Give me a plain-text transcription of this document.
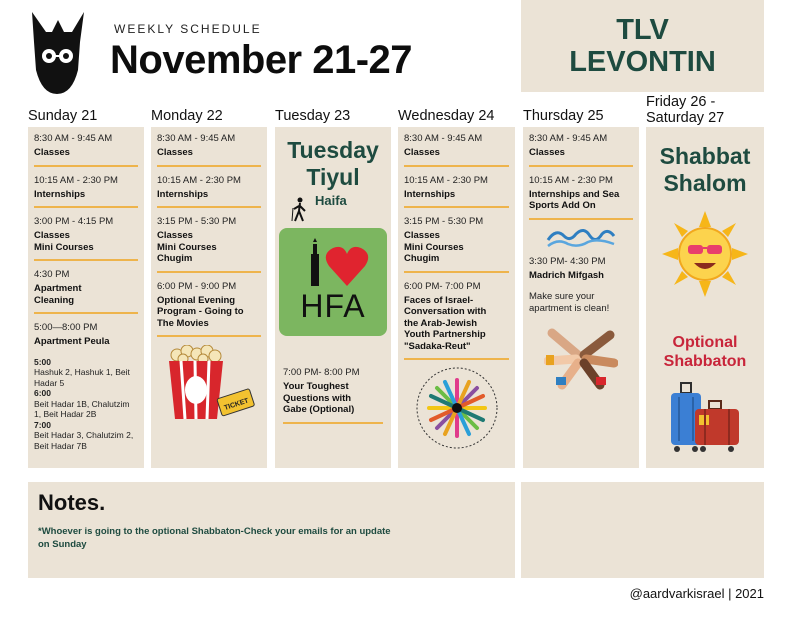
WEEKLY SCHEDULE
November 21-27
TLV
LEVONTIN
Sunday 21	Monday 22	Tuesday 23	Wednesday 24 Thursday 25
Friday 26 -
Saturday 27
8:30 AM - 9:45 AM
Classes
10:15 AM - 2:30 PM
Internships
3:00 PM - 4:15 PM
Classes
Mini Courses
4:30 PM
Apartment
Cleaning
5:00—8:00 PM
Apartment Peula
5:00
Hashuk 2, Hashuk 1, Beit Hadar 5
6:00
Beit Hadar 1B, Chalutzim 1, Beit Hadar 2B
7:00
Beit Hadar 3, Chalutzim 2, Beit Hadar 7B
8:30 AM - 9:45 AM
Classes
10:15 AM - 2:30 PM
Internships
3:15 PM - 5:30 PM
Classes
Mini Courses
Chugim
6:00 PM - 9:00 PM
Optional Evening
Program - Going to
The Movies
TICKET
Tuesday
Tiyul
Haifa
HFA
7:00 PM- 8:00 PM
Your Toughest
Questions with
Gabe (Optional)
8:30 AM - 9:45 AM
Classes
10:15 AM - 2:30 PM
Internships
3:15 PM - 5:30 PM
Classes
Mini Courses
Chugim
6:00 PM- 7:00 PM
Faces of Israel-
Conversation with
the Arab-Jewish
Youth Partnership
"Sadaka-Reut"
8:30 AM - 9:45 AM
Classes
10:15 AM - 2:30 PM
Internships and Sea
Sports Add On
3:30 PM- 4:30 PM
Madrich Mifgash
Make sure your apartment is clean!
Shabbat
Shalom
Optional
Shabbaton
Notes.
*Whoever is going to the optional Shabbaton-Check your emails for an update on Sunday
@aardvarkisrael | 2021
